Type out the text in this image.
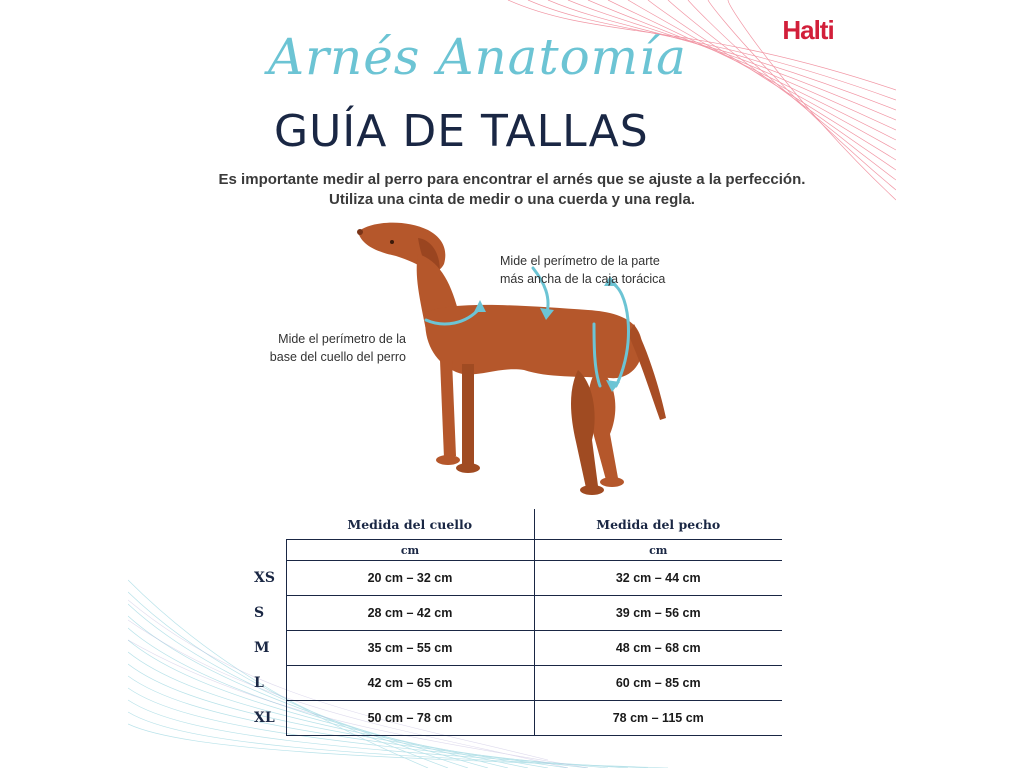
Halti
Arnés Anatomía
GUÍA DE TALLAS
Es importante medir al perro para encontrar el arnés que se ajuste a la perfección.
Utiliza una cinta de medir o una cuerda y una regla.
Mide el perímetro de la parte
más ancha de la caja torácica
Mide el perímetro de la
base del cuello del perro
	Medida del cuello	Medida del pecho
	cm	cm
XS	20 cm – 32 cm	32 cm – 44 cm
S	28 cm – 42 cm	39 cm – 56 cm
M	35 cm – 55 cm	48 cm – 68 cm
L	42 cm – 65 cm	60 cm – 85 cm
XL	50 cm – 78 cm	78 cm – 115 cm
